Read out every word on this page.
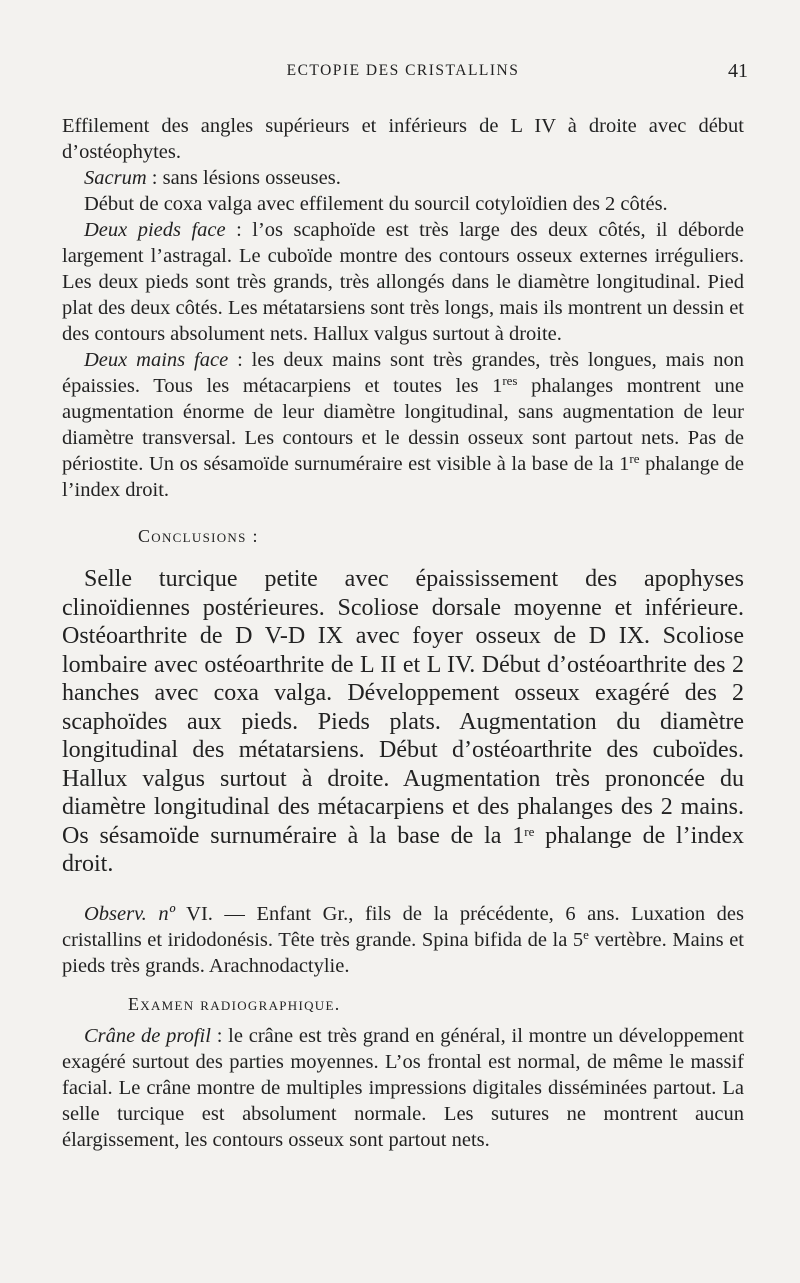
ECTOPIE DES CRISTALLINS	41

Effilement des angles supérieurs et inférieurs de L IV à droite avec début d’ostéophytes.

Sacrum : sans lésions osseuses.

Début de coxa valga avec effilement du sourcil cotyloïdien des 2 côtés.

Deux pieds face : l’os scaphoïde est très large des deux côtés, il déborde largement l’astragal. Le cuboïde montre des contours osseux externes irréguliers. Les deux pieds sont très grands, très allongés dans le diamètre longitudinal. Pied plat des deux côtés. Les métatarsiens sont très longs, mais ils montrent un dessin et des contours absolument nets. Hallux valgus surtout à droite.

Deux mains face : les deux mains sont très grandes, très longues, mais non épaissies. Tous les métacarpiens et toutes les 1res phalanges montrent une augmentation énorme de leur diamètre longitudinal, sans augmentation de leur diamètre transversal. Les contours et le dessin osseux sont partout nets. Pas de périostite. Un os sésamoïde surnuméraire est visible à la base de la 1re phalange de l’index droit.

Conclusions :

Selle turcique petite avec épaississement des apophyses clinoïdiennes postérieures. Scoliose dorsale moyenne et inférieure. Ostéoarthrite de D V-D IX avec foyer osseux de D IX. Scoliose lombaire avec ostéoarthrite de L II et L IV. Début d’ostéoarthrite des 2 hanches avec coxa valga. Développement osseux exagéré des 2 scaphoïdes aux pieds. Pieds plats. Augmentation du diamètre longitudinal des métatarsiens. Début d’ostéoarthrite des cuboïdes. Hallux valgus surtout à droite. Augmentation très prononcée du diamètre longitudinal des métacarpiens et des phalanges des 2 mains. Os sésamoïde surnuméraire à la base de la 1re phalange de l’index droit.

Observ. nº VI. — Enfant Gr., fils de la précédente, 6 ans. Luxation des cristallins et iridodonésis. Tête très grande. Spina bifida de la 5e vertèbre. Mains et pieds très grands. Arachnodactylie.

Examen radiographique.

Crâne de profil : le crâne est très grand en général, il montre un développement exagéré surtout des parties moyennes. L’os frontal est normal, de même le massif facial. Le crâne montre de multiples impressions digitales disséminées partout. La selle turcique est absolument normale. Les sutures ne montrent aucun élargissement, les contours osseux sont partout nets.
